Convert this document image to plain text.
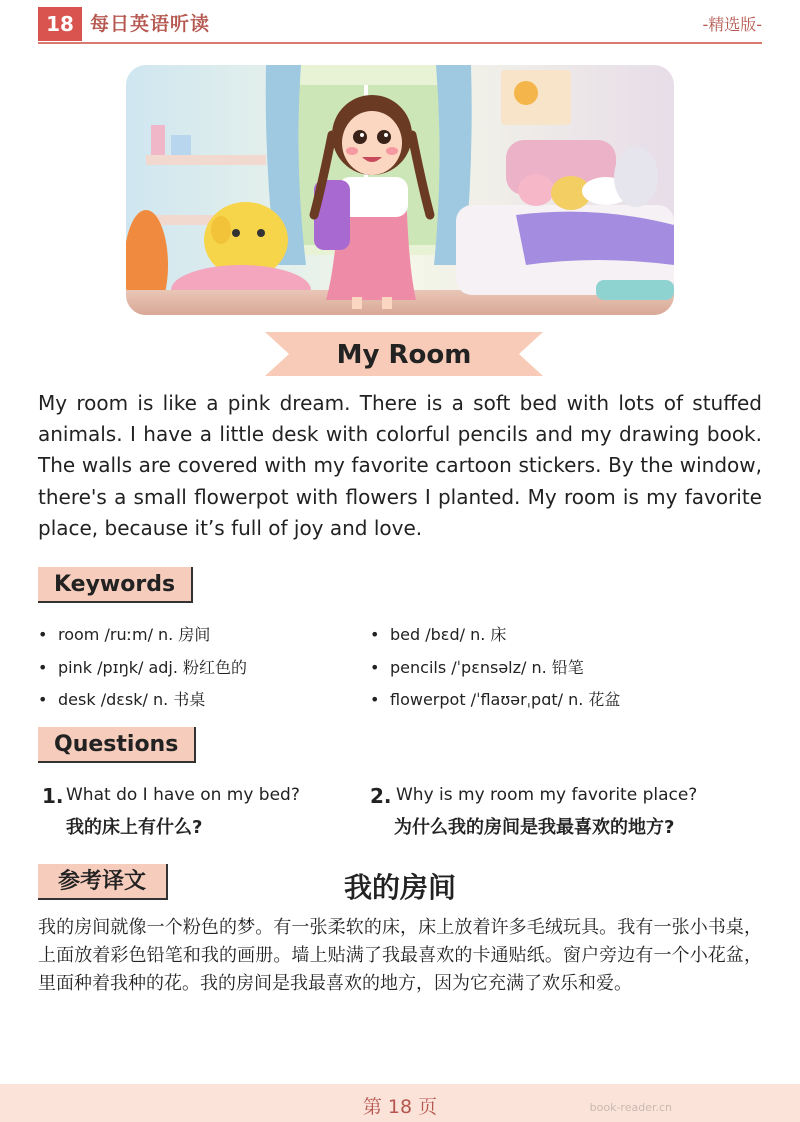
18 每日英语听读	-精选版-
My Room
My room is like a pink dream. There is a soft bed with lots of stuffed animals. I have a little desk with colorful pencils and my drawing book. The walls are covered with my favorite cartoon stickers. By the window, there's a small flowerpot with flowers I planted. My room is my favorite place, because it’s full of joy and love.
Keywords
• room /ruːm/ n. 房间	• bed /bɛd/ n. 床
• pink /pɪŋk/ adj. 粉红色的	• pencils /ˈpɛnsəlz/ n. 铅笔
• desk /dɛsk/ n. 书桌	• flowerpot /ˈflaʊərˌpɑt/ n. 花盆
Questions
1. What do I have on my bed?
我的床上有什么?
2. Why is my room my favorite place?
为什么我的房间是我最喜欢的地方?
参考译文	我的房间
我的房间就像一个粉色的梦。有一张柔软的床，床上放着许多毛绒玩具。我有一张小书桌，上面放着彩色铅笔和我的画册。墙上贴满了我最喜欢的卡通贴纸。窗户旁边有一个小花盆，里面种着我种的花。我的房间是我最喜欢的地方，因为它充满了欢乐和爱。
第 18 页	book-reader.cn
